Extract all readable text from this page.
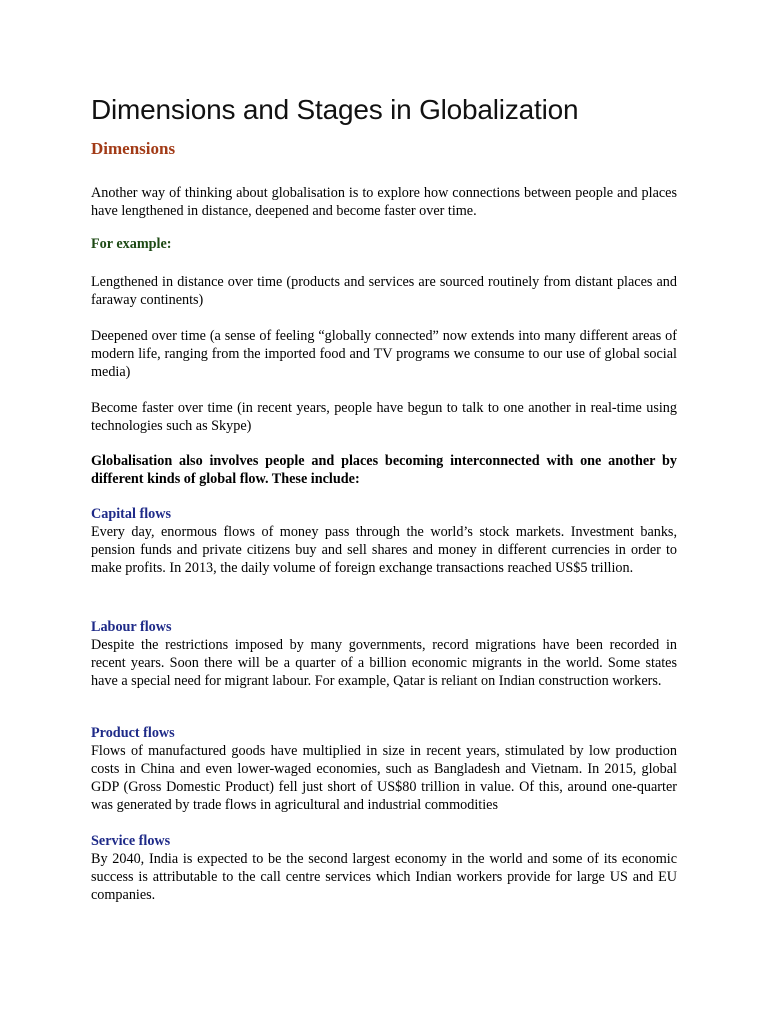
Dimensions and Stages in Globalization
Dimensions

Another way of thinking about globalisation is to explore how connections between people and places have lengthened in distance, deepened and become faster over time.

For example:

Lengthened in distance over time (products and services are sourced routinely from distant places and faraway continents)

Deepened over time (a sense of feeling “globally connected” now extends into many different areas of modern life, ranging from the imported food and TV programs we consume to our use of global social media)

Become faster over time (in recent years, people have begun to talk to one another in real-time using technologies such as Skype)

Globalisation also involves people and places becoming interconnected with one another by different kinds of global flow. These include:

Capital flows
Every day, enormous flows of money pass through the world’s stock markets. Investment banks, pension funds and private citizens buy and sell shares and money in different currencies in order to make profits. In 2013, the daily volume of foreign exchange transactions reached US$5 trillion.
Labour flows
Despite the restrictions imposed by many governments, record migrations have been recorded in recent years. Soon there will be a quarter of a billion economic migrants in the world. Some states have a special need for migrant labour. For example, Qatar is reliant on Indian construction workers.
Product flows
Flows of manufactured goods have multiplied in size in recent years, stimulated by low production costs in China and even lower-waged economies, such as Bangladesh and Vietnam. In 2015, global GDP (Gross Domestic Product) fell just short of US$80 trillion in value. Of this, around one-quarter was generated by trade flows in agricultural and industrial commodities
Service flows
By 2040, India is expected to be the second largest economy in the world and some of its economic success is attributable to the call centre services which Indian workers provide for large US and EU companies.
